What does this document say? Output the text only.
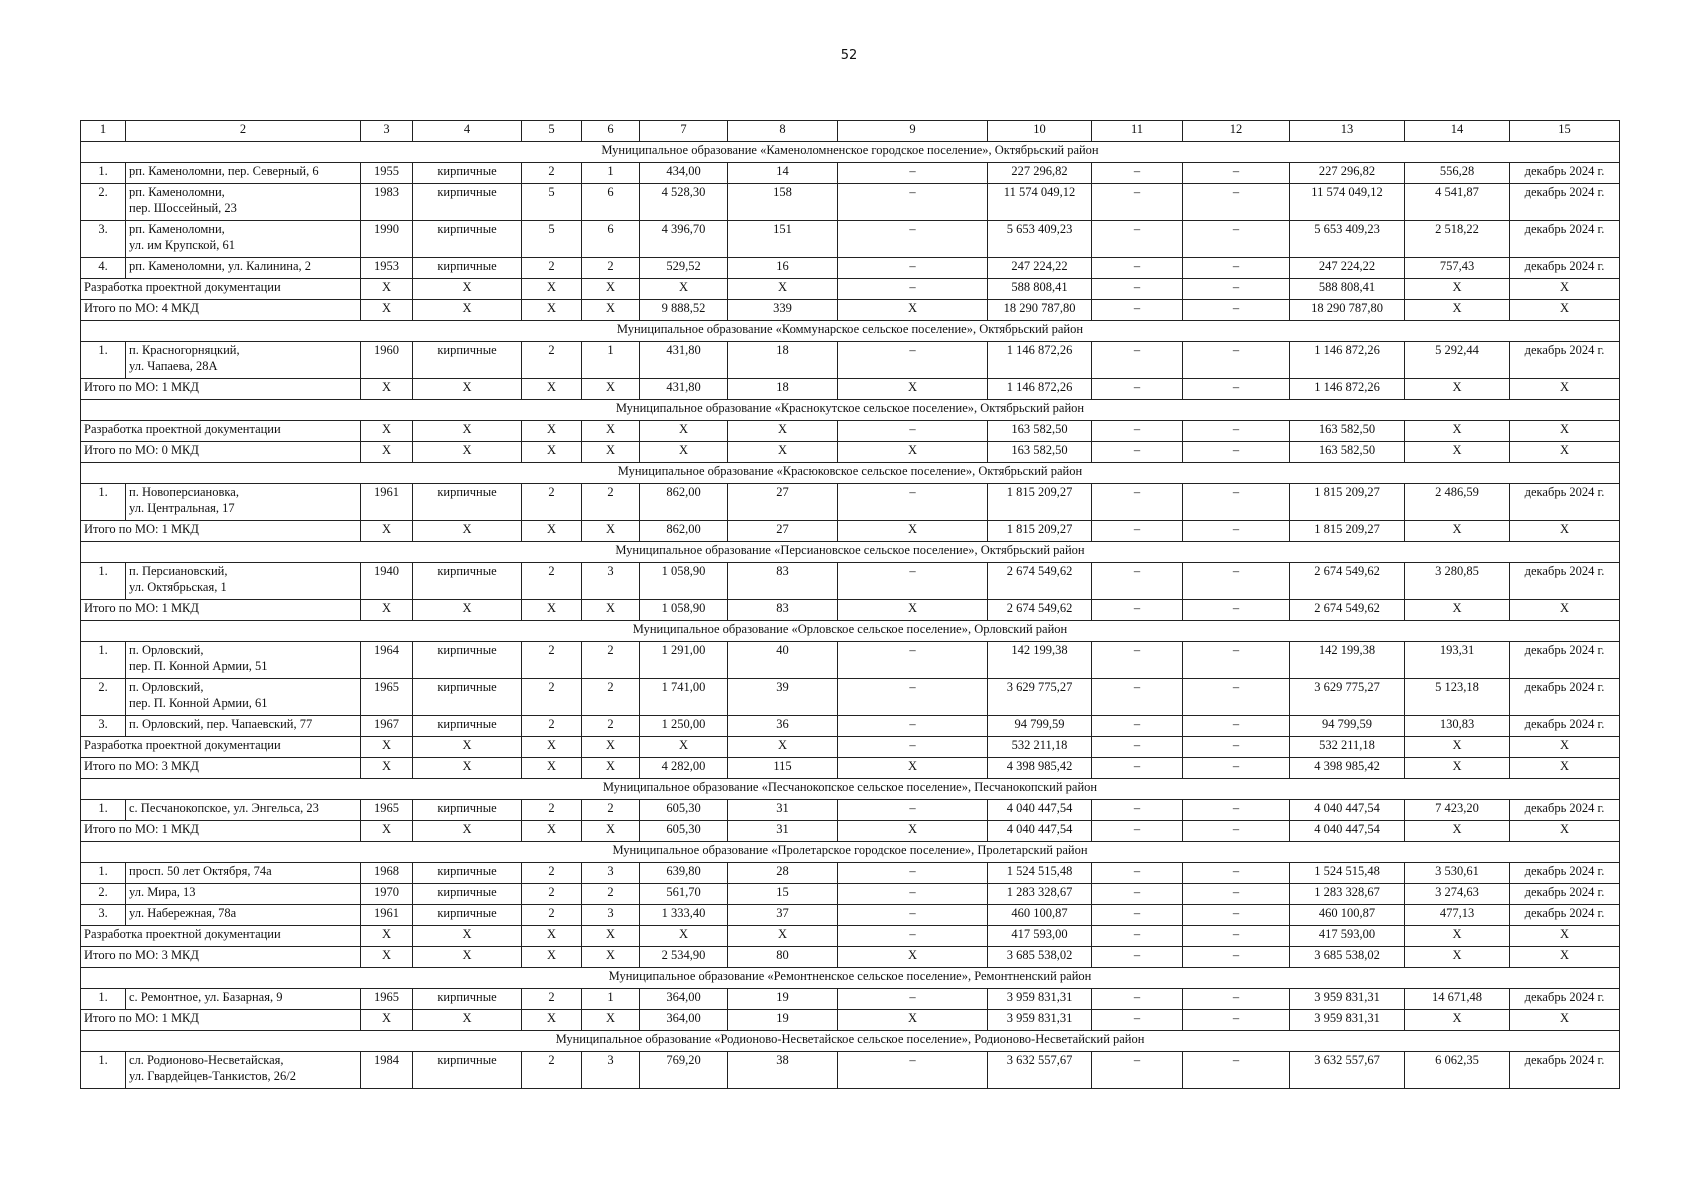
52
1	2	3	4	5	6	7	8	9	10	11	12	13	14	15
Муниципальное образование «Каменоломненское городское поселение», Октябрьский район														
1.	рп. Каменоломни, пер. Северный, 6	1955	кирпичные	2	1	434,00	14	–	227 296,82	–	–	227 296,82	556,28	декабрь 2024 г.
2.	рп. Каменоломни,
пер. Шоссейный, 23	1983	кирпичные	5	6	4 528,30	158	–	11 574 049,12	–	–	11 574 049,12	4 541,87	декабрь 2024 г.
3.	рп. Каменоломни,
ул. им Крупской, 61	1990	кирпичные	5	6	4 396,70	151	–	5 653 409,23	–	–	5 653 409,23	2 518,22	декабрь 2024 г.
4.	рп. Каменоломни, ул. Калинина, 2	1953	кирпичные	2	2	529,52	16	–	247 224,22	–	–	247 224,22	757,43	декабрь 2024 г.
Разработка проектной документации		X	X	X	X	X	X	–	588 808,41	–	–	588 808,41	X	X
Итого по МО: 4 МКД		X	X	X	X	9 888,52	339	X	18 290 787,80	–	–	18 290 787,80	X	X
Муниципальное образование «Коммунарское сельское поселение», Октябрьский район														
1.	п. Красногорняцкий,
ул. Чапаева, 28А	1960	кирпичные	2	1	431,80	18	–	1 146 872,26	–	–	1 146 872,26	5 292,44	декабрь 2024 г.
Итого по МО: 1 МКД		X	X	X	X	431,80	18	X	1 146 872,26	–	–	1 146 872,26	X	X
Муниципальное образование «Краснокутское сельское поселение», Октябрьский район														
Разработка проектной документации		X	X	X	X	X	X	–	163 582,50	–	–	163 582,50	X	X
Итого по МО: 0 МКД		X	X	X	X	X	X	X	163 582,50	–	–	163 582,50	X	X
Муниципальное образование «Красюковское сельское поселение», Октябрьский район														
1.	п. Новоперсиановка,
ул. Центральная, 17	1961	кирпичные	2	2	862,00	27	–	1 815 209,27	–	–	1 815 209,27	2 486,59	декабрь 2024 г.
Итого по МО: 1 МКД		X	X	X	X	862,00	27	X	1 815 209,27	–	–	1 815 209,27	X	X
Муниципальное образование «Персиановское сельское поселение», Октябрьский район														
1.	п. Персиановский,
ул. Октябрьская, 1	1940	кирпичные	2	3	1 058,90	83	–	2 674 549,62	–	–	2 674 549,62	3 280,85	декабрь 2024 г.
Итого по МО: 1 МКД		X	X	X	X	1 058,90	83	X	2 674 549,62	–	–	2 674 549,62	X	X
Муниципальное образование «Орловское сельское поселение», Орловский район														
1.	п. Орловский,
пер. П. Конной Армии, 51	1964	кирпичные	2	2	1 291,00	40	–	142 199,38	–	–	142 199,38	193,31	декабрь 2024 г.
2.	п. Орловский,
пер. П. Конной Армии, 61	1965	кирпичные	2	2	1 741,00	39	–	3 629 775,27	–	–	3 629 775,27	5 123,18	декабрь 2024 г.
3.	п. Орловский, пер. Чапаевский, 77	1967	кирпичные	2	2	1 250,00	36	–	94 799,59	–	–	94 799,59	130,83	декабрь 2024 г.
Разработка проектной документации		X	X	X	X	X	X	–	532 211,18	–	–	532 211,18	X	X
Итого по МО: 3 МКД		X	X	X	X	4 282,00	115	X	4 398 985,42	–	–	4 398 985,42	X	X
Муниципальное образование «Песчанокопское сельское поселение», Песчанокопский район														
1.	с. Песчанокопское, ул. Энгельса, 23	1965	кирпичные	2	2	605,30	31	–	4 040 447,54	–	–	4 040 447,54	7 423,20	декабрь 2024 г.
Итого по МО: 1 МКД		X	X	X	X	605,30	31	X	4 040 447,54	–	–	4 040 447,54	X	X
Муниципальное образование «Пролетарское городское поселение», Пролетарский район														
1.	просп. 50 лет Октября, 74а	1968	кирпичные	2	3	639,80	28	–	1 524 515,48	–	–	1 524 515,48	3 530,61	декабрь 2024 г.
2.	ул. Мира, 13	1970	кирпичные	2	2	561,70	15	–	1 283 328,67	–	–	1 283 328,67	3 274,63	декабрь 2024 г.
3.	ул. Набережная, 78а	1961	кирпичные	2	3	1 333,40	37	–	460 100,87	–	–	460 100,87	477,13	декабрь 2024 г.
Разработка проектной документации		X	X	X	X	X	X	–	417 593,00	–	–	417 593,00	X	X
Итого по МО: 3 МКД		X	X	X	X	2 534,90	80	X	3 685 538,02	–	–	3 685 538,02	X	X
Муниципальное образование «Ремонтненское сельское поселение», Ремонтненский район														
1.	с. Ремонтное, ул. Базарная, 9	1965	кирпичные	2	1	364,00	19	–	3 959 831,31	–	–	3 959 831,31	14 671,48	декабрь 2024 г.
Итого по МО: 1 МКД		X	X	X	X	364,00	19	X	3 959 831,31	–	–	3 959 831,31	X	X
Муниципальное образование «Родионово-Несветайское сельское поселение», Родионово-Несветайский район														
1.	сл. Родионово-Несветайская,
ул. Гвардейцев-Танкистов, 26/2	1984	кирпичные	2	3	769,20	38	–	3 632 557,67	–	–	3 632 557,67	6 062,35	декабрь 2024 г.
